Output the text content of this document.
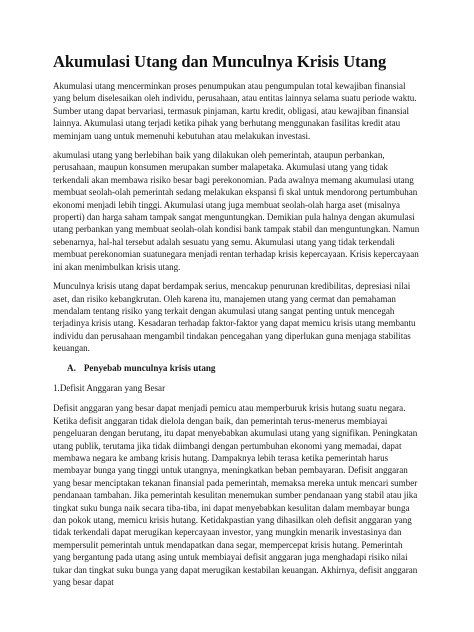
Akumulasi Utang dan Munculnya Krisis Utang

Akumulasi utang mencerminkan proses penumpukan atau pengumpulan total kewajiban finansial yang belum diselesaikan oleh individu, perusahaan, atau entitas lainnya selama suatu periode waktu. Sumber utang dapat bervariasi, termasuk pinjaman, kartu kredit, obligasi, atau kewajiban finansial lainnya. Akumulasi utang terjadi ketika pihak yang berhutang menggunakan fasilitas kredit atau meminjam uang untuk memenuhi kebutuhan atau melakukan investasi.

akumulasi utang yang berlebihan baik yang dilakukan oleh pemerintah, ataupun perbankan, perusahaan, maupun konsumen merupakan sumber malapetaka. Akumulasi utang yang tidak terkendali akan membawa risiko besar bagi perekonomian. Pada awalnya memang akumulasi utang membuat seolah-olah pemerintah sedang melakukan ekspansi fi skal untuk mendorong pertumbuhan ekonomi menjadi lebih tinggi. Akumulasi utang juga membuat seolah-olah harga aset (misalnya properti) dan harga saham tampak sangat menguntungkan. Demikian pula halnya dengan akumulasi utang perbankan yang membuat seolah-olah kondisi bank tampak stabil dan menguntungkan. Namun sebenarnya, hal-hal tersebut adalah sesuatu yang semu. Akumulasi utang yang tidak terkendali membuat perekonomian suatunegara menjadi rentan terhadap krisis kepercayaan. Krisis kepercayaan ini akan menimbulkan krisis utang.

Munculnya krisis utang dapat berdampak serius, mencakup penurunan kredibilitas, depresiasi nilai aset, dan risiko kebangkrutan. Oleh karena itu, manajemen utang yang cermat dan pemahaman mendalam tentang risiko yang terkait dengan akumulasi utang sangat penting untuk mencegah terjadinya krisis utang. Kesadaran terhadap faktor-faktor yang dapat memicu krisis utang membantu individu dan perusahaan mengambil tindakan pencegahan yang diperlukan guna menjaga stabilitas keuangan.

A. Penyebab munculnya krisis utang
1.Defisit Anggaran yang Besar

Defisit anggaran yang besar dapat menjadi pemicu atau memperburuk krisis hutang suatu negara. Ketika defisit anggaran tidak dielola dengan baik, dan pemerintah terus-menerus membiayai pengeluaran dengan berutang, itu dapat menyebabkan akumulasi utang yang signifikan. Peningkatan utang publik, terutama jika tidak diimbangi dengan pertumbuhan ekonomi yang memadai, dapat membawa negara ke ambang krisis hutang. Dampaknya lebih terasa ketika pemerintah harus membayar bunga yang tinggi untuk utangnya, meningkatkan beban pembayaran. Defisit anggaran yang besar menciptakan tekanan finansial pada pemerintah, memaksa mereka untuk mencari sumber pendanaan tambahan. Jika pemerintah kesulitan menemukan sumber pendanaan yang stabil atau jika tingkat suku bunga naik secara tiba-tiba, ini dapat menyebabkan kesulitan dalam membayar bunga dan pokok utang, memicu krisis hutang. Ketidakpastian yang dihasilkan oleh defisit anggaran yang tidak terkendali dapat merugikan kepercayaan investor, yang mungkin menarik investasinya dan mempersulit pemerintah untuk mendapatkan dana segar, mempercepat krisis hutang. Pemerintah yang bergantung pada utang asing untuk membiayai defisit anggaran juga menghadapi risiko nilai tukar dan tingkat suku bunga yang dapat merugikan kestabilan keuangan. Akhirnya, defisit anggaran yang besar dapat
